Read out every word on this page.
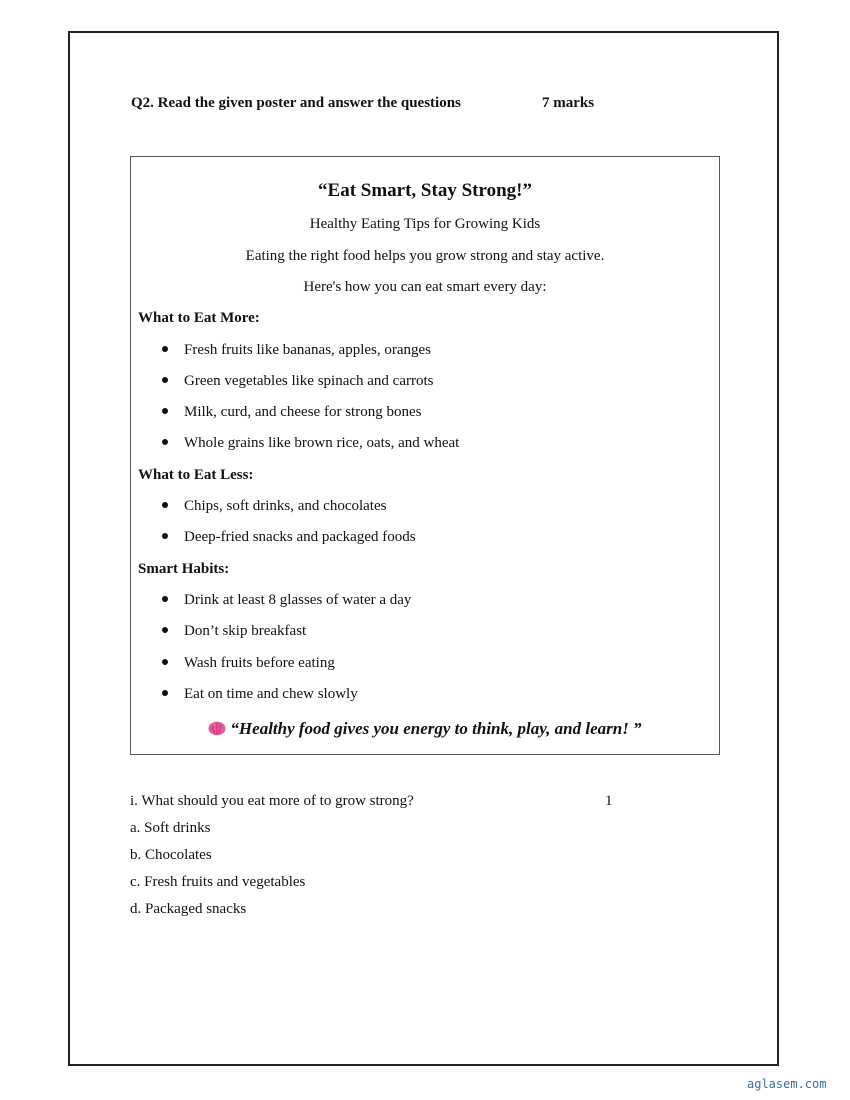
Q2. Read the given poster and answer the questions	7 marks
“Eat Smart, Stay Strong!”
Healthy Eating Tips for Growing Kids
Eating the right food helps you grow strong and stay active.
Here's how you can eat smart every day:
What to Eat More:
Fresh fruits like bananas, apples, oranges
Green vegetables like spinach and carrots
Milk, curd, and cheese for strong bones
Whole grains like brown rice, oats, and wheat
What to Eat Less:
Chips, soft drinks, and chocolates
Deep-fried snacks and packaged foods
Smart Habits:
Drink at least 8 glasses of water a day
Don’t skip breakfast
Wash fruits before eating
Eat on time and chew slowly
“Healthy food gives you energy to think, play, and learn! ”
i. What should you eat more of to grow strong?	1
a. Soft drinks
b. Chocolates
c. Fresh fruits and vegetables
d. Packaged snacks
aglasem.com
